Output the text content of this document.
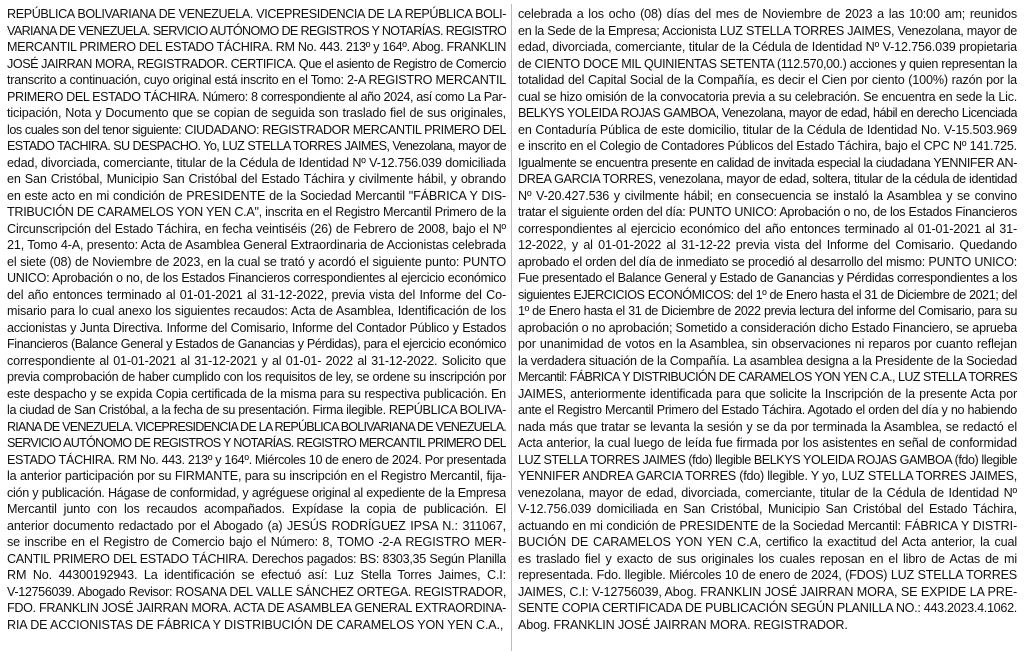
REPÚBLICA BOLIVARIANA DE VENEZUELA. VICEPRESIDENCIA DE LA REPÚBLICA BOLI-
VARIANA DE VENEZUELA. SERVICIO AUTÓNOMO DE REGISTROS Y NOTARÍAS. REGISTRO
MERCANTIL PRIMERO DEL ESTADO TÁCHIRA. RM No. 443. 213º y 164º. Abog. FRANKLIN
JOSÉ JAIRRAN MORA, REGISTRADOR. CERTIFICA. Que el asiento de Registro de Comercio
transcrito a continuación, cuyo original está inscrito en el Tomo: 2-A REGISTRO MERCANTIL
PRIMERO DEL ESTADO TÁCHIRA. Número: 8 correspondiente al año 2024, así como La Par-
ticipación, Nota y Documento que se copian de seguida son traslado fiel de sus originales,
los cuales son del tenor siguiente: CIUDADANO: REGISTRADOR MERCANTIL PRIMERO DEL
ESTADO TACHIRA. SU DESPACHO. Yo, LUZ STELLA TORRES JAIMES, Venezolana, mayor de
edad, divorciada, comerciante, titular de la Cédula de Identidad Nº V-12.756.039 domiciliada
en San Cristóbal, Municipio San Cristóbal del Estado Táchira y civilmente hábil, y obrando
en este acto en mi condición de PRESIDENTE de la Sociedad Mercantil "FÁBRICA Y DIS-
TRIBUCIÓN DE CARAMELOS YON YEN C.A", inscrita en el Registro Mercantil Primero de la
Circunscripción del Estado Táchira, en fecha veintiséis (26) de Febrero de 2008, bajo el Nº
21, Tomo 4-A, presento: Acta de Asamblea General Extraordinaria de Accionistas celebrada
el siete (08) de Noviembre de 2023, en la cual se trató y acordó el siguiente punto: PUNTO
UNICO: Aprobación o no, de los Estados Financieros correspondientes al ejercicio económico
del año entonces terminado al 01-01-2021 al 31-12-2022, previa vista del Informe del Co-
misario para lo cual anexo los siguientes recaudos: Acta de Asamblea, Identificación de los
accionistas y Junta Directiva. Informe del Comisario, Informe del Contador Público y Estados
Financieros (Balance General y Estados de Ganancias y Pérdidas), para el ejercicio económico
correspondiente al 01-01-2021 al 31-12-2021 y al 01-01- 2022 al 31-12-2022. Solicito que
previa comprobación de haber cumplido con los requisitos de ley, se ordene su inscripción por
este despacho y se expida Copia certificada de la misma para su respectiva publicación. En
la ciudad de San Cristóbal, a la fecha de su presentación. Firma ilegible. REPÚBLICA BOLIVA-
RIANA DE VENEZUELA. VICEPRESIDENCIA DE LA REPÚBLICA BOLIVARIANA DE VENEZUELA.
SERVICIO AUTÓNOMO DE REGISTROS Y NOTARÍAS. REGISTRO MERCANTIL PRIMERO DEL
ESTADO TÁCHIRA. RM No. 443. 213º y 164º. Miércoles 10 de enero de 2024. Por presentada
la anterior participación por su FIRMANTE, para su inscripción en el Registro Mercantil, fija-
ción y publicación. Hágase de conformidad, y agréguese original al expediente de la Empresa
Mercantil junto con los recaudos acompañados. Expídase la copia de publicación. El
anterior documento redactado por el Abogado (a) JESÚS RODRÍGUEZ IPSA N.: 311067,
se inscribe en el Registro de Comercio bajo el Número: 8, TOMO -2-A REGISTRO MER-
CANTIL PRIMERO DEL ESTADO TÁCHIRA. Derechos pagados: BS: 8303,35 Según Planilla
RM No. 44300192943. La identificación se efectuó así: Luz Stella Torres Jaimes, C.I:
V-12756039. Abogado Revisor: ROSANA DEL VALLE SÁNCHEZ ORTEGA. REGISTRADOR,
FDO. FRANKLIN JOSÉ JAIRRAN MORA. ACTA DE ASAMBLEA GENERAL EXTRAORDINA-
RIA DE ACCIONISTAS DE FÁBRICA Y DISTRIBUCIÓN DE CARAMELOS YON YEN C.A.,
celebrada a los ocho (08) días del mes de Noviembre de 2023 a las 10:00 am; reunidos
en la Sede de la Empresa; Accionista LUZ STELLA TORRES JAIMES, Venezolana, mayor de
edad, divorciada, comerciante, titular de la Cédula de Identidad Nº V-12.756.039 propietaria
de CIENTO DOCE MIL QUINIENTAS SETENTA (112.570,00.) acciones y quien representan la
totalidad del Capital Social de la Compañía, es decir el Cien por ciento (100%) razón por la
cual se hizo omisión de la convocatoria previa a su celebración. Se encuentra en sede la Lic.
BELKYS YOLEIDA ROJAS GAMBOA, Venezolana, mayor de edad, hábil en derecho Licenciada
en Contaduría Pública de este domicilio, titular de la Cédula de Identidad No. V-15.503.969
e inscrito en el Colegio de Contadores Públicos del Estado Táchira, bajo el CPC Nº 141.725.
Igualmente se encuentra presente en calidad de invitada especial la ciudadana YENNIFER AN-
DREA GARCIA TORRES, venezolana, mayor de edad, soltera, titular de la cédula de identidad
Nº V-20.427.536 y civilmente hábil; en consecuencia se instaló la Asamblea y se convino
tratar el siguiente orden del día: PUNTO UNICO: Aprobación o no, de los Estados Financieros
correspondientes al ejercicio económico del año entonces terminado al 01-01-2021 al 31-
12-2022, y al 01-01-2022 al 31-12-22 previa vista del Informe del Comisario. Quedando
aprobado el orden del día de inmediato se procedió al desarrollo del mismo: PUNTO UNICO:
Fue presentado el Balance General y Estado de Ganancias y Pérdidas correspondientes a los
siguientes EJERCICIOS ECONÓMICOS: del 1º de Enero hasta el 31 de Diciembre de 2021; del
1º de Enero hasta el 31 de Diciembre de 2022 previa lectura del informe del Comisario, para su
aprobación o no aprobación; Sometido a consideración dicho Estado Financiero, se aprueba
por unanimidad de votos en la Asamblea, sin observaciones ni reparos por cuanto reflejan
la verdadera situación de la Compañía. La asamblea designa a la Presidente de la Sociedad
Mercantil: FÁBRICA Y DISTRIBUCIÓN DE CARAMELOS YON YEN C.A., LUZ STELLA TORRES
JAIMES, anteriormente identificada para que solicite la Inscripción de la presente Acta por
ante el Registro Mercantil Primero del Estado Táchira. Agotado el orden del día y no habiendo
nada más que tratar se levanta la sesión y se da por terminada la Asamblea, se redactó el
Acta anterior, la cual luego de leída fue firmada por los asistentes en señal de conformidad
LUZ STELLA TORRES JAIMES (fdo) llegible BELKYS YOLEIDA ROJAS GAMBOA (fdo) llegible
YENNIFER ANDREA GARCIA TORRES (fdo) llegible. Y yo, LUZ STELLA TORRES JAIMES,
venezolana, mayor de edad, divorciada, comerciante, titular de la Cédula de Identidad Nº
V-12.756.039 domiciliada en San Cristóbal, Municipio San Cristóbal del Estado Táchira,
actuando en mi condición de PRESIDENTE de la Sociedad Mercantil: FÁBRICA Y DISTRI-
BUCIÓN DE CARAMELOS YON YEN C.A, certifico la exactitud del Acta anterior, la cual
es traslado fiel y exacto de sus originales los cuales reposan en el libro de Actas de mi
representada. Fdo. llegible. Miércoles 10 de enero de 2024, (FDOS) LUZ STELLA TORRES
JAIMES, C.I: V-12756039, Abog. FRANKLIN JOSÉ JAIRRAN MORA, SE EXPIDE LA PRE-
SENTE COPIA CERTIFICADA DE PUBLICACIÓN SEGÚN PLANILLA NO.: 443.2023.4.1062.
Abog. FRANKLIN JOSÉ JAIRRAN MORA. REGISTRADOR.
